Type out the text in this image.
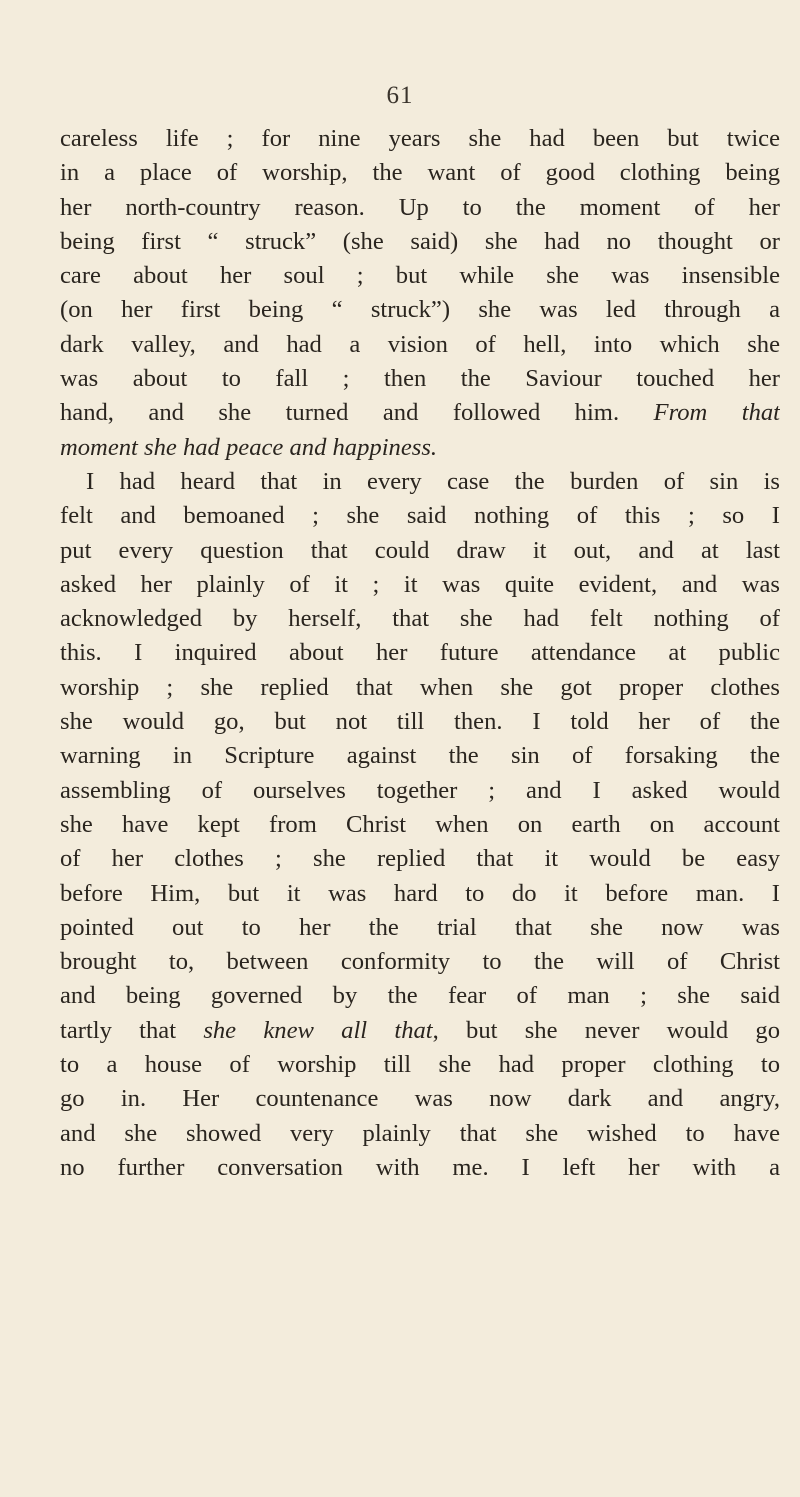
61
careless life ; for nine years she had been but twice
in a place of worship, the want of good clothing being
her north-country reason. Up to the moment of her
being first “ struck” (she said) she had no thought or
care about her soul ; but while she was insensible
(on her first being “ struck”) she was led through a
dark valley, and had a vision of hell, into which she
was about to fall ; then the Saviour touched her
hand, and she turned and followed him. From that
moment she had peace and happiness.
I had heard that in every case the burden of sin is
felt and bemoaned ; she said nothing of this ; so I
put every question that could draw it out, and at last
asked her plainly of it ; it was quite evident, and was
acknowledged by herself, that she had felt nothing of
this. I inquired about her future attendance at public
worship ; she replied that when she got proper clothes
she would go, but not till then. I told her of the
warning in Scripture against the sin of forsaking the
assembling of ourselves together ; and I asked would
she have kept from Christ when on earth on account
of her clothes ; she replied that it would be easy
before Him, but it was hard to do it before man. I
pointed out to her the trial that she now was
brought to, between conformity to the will of Christ
and being governed by the fear of man ; she said
tartly that she knew all that, but she never would go
to a house of worship till she had proper clothing to
go in. Her countenance was now dark and angry,
and she showed very plainly that she wished to have
no further conversation with me. I left her with a
